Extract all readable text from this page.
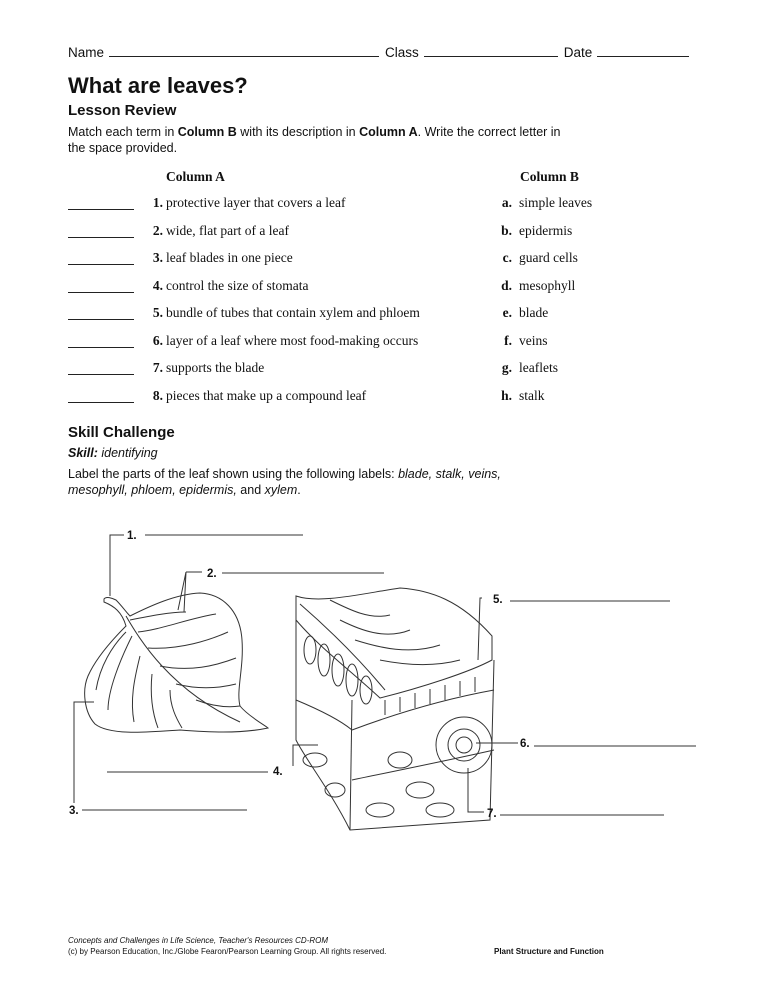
Name	Class	Date
What are leaves?
Lesson Review
Match each term in Column B with its description in Column A. Write the correct letter in the space provided.
Column A	Column B
1. protective layer that covers a leaf	a. simple leaves
2. wide, flat part of a leaf	b. epidermis
3. leaf blades in one piece	c. guard cells
4. control the size of stomata	d. mesophyll
5. bundle of tubes that contain xylem and phloem	e. blade
6. layer of a leaf where most food-making occurs	f. veins
7. supports the blade	g. leaflets
8. pieces that make up a compound leaf	h. stalk
Skill Challenge
Skill: identifying
Label the parts of the leaf shown using the following labels: blade, stalk, veins,
mesophyll, phloem, epidermis, and xylem.
1.
2.
3.
4.
5.
6.
7.
Concepts and Challenges in Life Science, Teacher's Resources CD-ROM
(c) by Pearson Education, Inc./Globe Fearon/Pearson Learning Group. All rights reserved.	Plant Structure and Function
